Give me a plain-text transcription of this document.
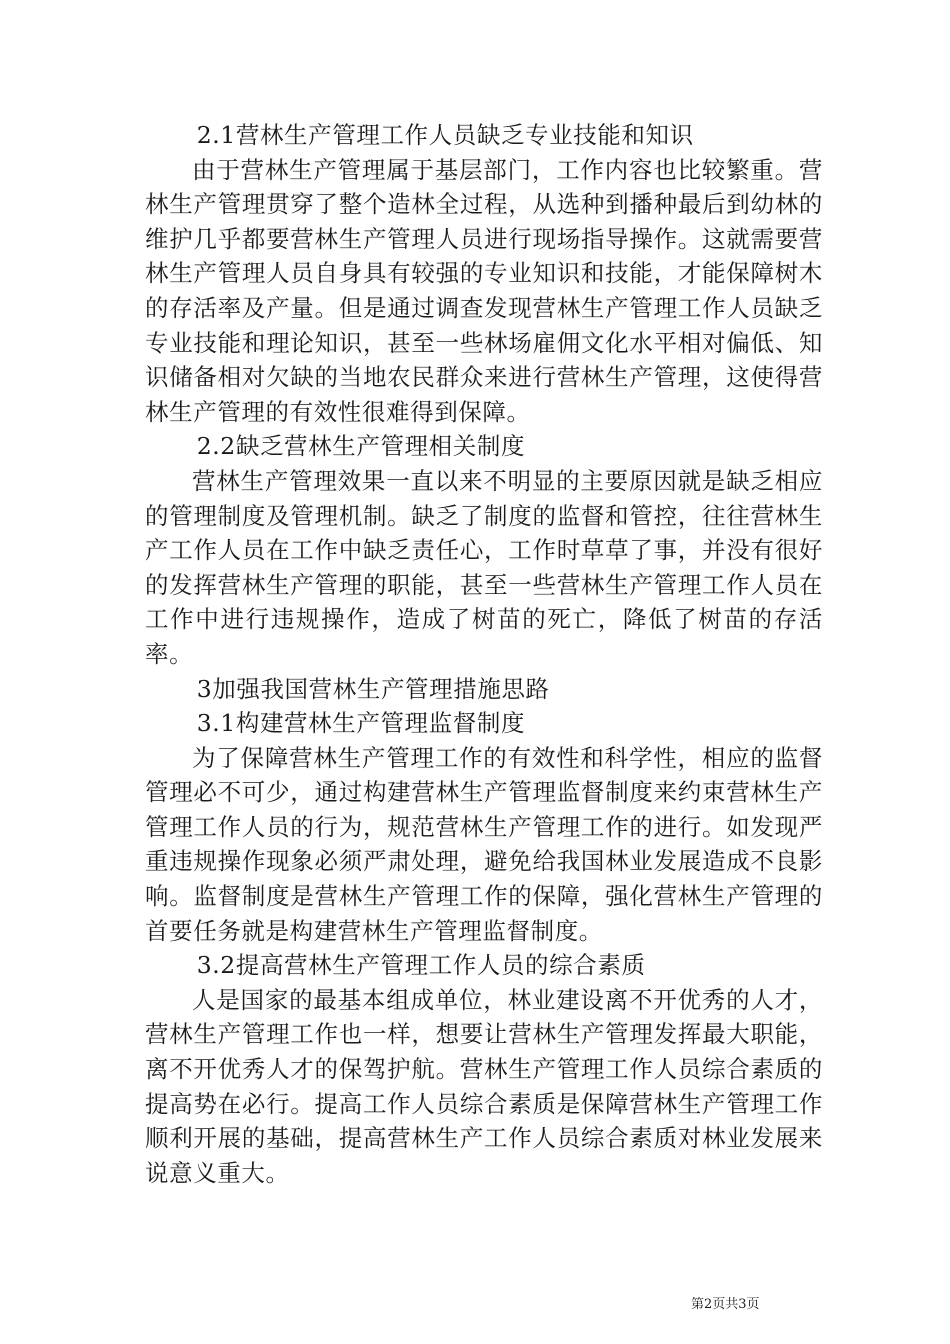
2.1营林生产管理工作人员缺乏专业技能和知识

由于营林生产管理属于基层部门，工作内容也比较繁重。营林生产管理贯穿了整个造林全过程，从选种到播种最后到幼林的维护几乎都要营林生产管理人员进行现场指导操作。这就需要营林生产管理人员自身具有较强的专业知识和技能，才能保障树木的存活率及产量。但是通过调查发现营林生产管理工作人员缺乏专业技能和理论知识，甚至一些林场雇佣文化水平相对偏低、知识储备相对欠缺的当地农民群众来进行营林生产管理，这使得营林生产管理的有效性很难得到保障。

2.2缺乏营林生产管理相关制度

营林生产管理效果一直以来不明显的主要原因就是缺乏相应的管理制度及管理机制。缺乏了制度的监督和管控，往往营林生产工作人员在工作中缺乏责任心，工作时草草了事，并没有很好的发挥营林生产管理的职能，甚至一些营林生产管理工作人员在工作中进行违规操作，造成了树苗的死亡，降低了树苗的存活率。

3加强我国营林生产管理措施思路

3.1构建营林生产管理监督制度

为了保障营林生产管理工作的有效性和科学性，相应的监督管理必不可少，通过构建营林生产管理监督制度来约束营林生产管理工作人员的行为，规范营林生产管理工作的进行。如发现严重违规操作现象必须严肃处理，避免给我国林业发展造成不良影响。监督制度是营林生产管理工作的保障，强化营林生产管理的首要任务就是构建营林生产管理监督制度。

3.2提高营林生产管理工作人员的综合素质

人是国家的最基本组成单位，林业建设离不开优秀的人才，营林生产管理工作也一样，想要让营林生产管理发挥最大职能，离不开优秀人才的保驾护航。营林生产管理工作人员综合素质的提高势在必行。提高工作人员综合素质是保障营林生产管理工作顺利开展的基础，提高营林生产工作人员综合素质对林业发展来说意义重大。

第2页共3页
